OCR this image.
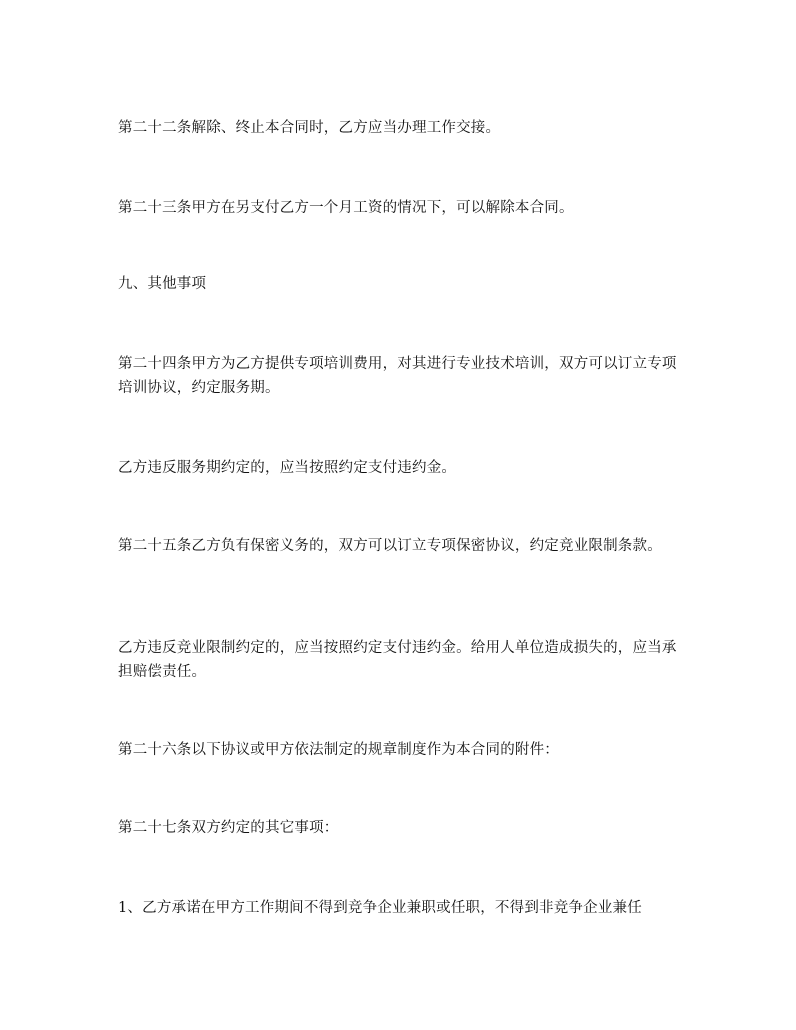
第二十二条解除、终止本合同时，乙方应当办理工作交接。

第二十三条甲方在另支付乙方一个月工资的情况下，可以解除本合同。

九、其他事项

第二十四条甲方为乙方提供专项培训费用，对其进行专业技术培训，双方可以订立专项培训协议，约定服务期。

乙方违反服务期约定的，应当按照约定支付违约金。

第二十五条乙方负有保密义务的，双方可以订立专项保密协议，约定竞业限制条款。

乙方违反竞业限制约定的，应当按照约定支付违约金。给用人单位造成损失的，应当承担赔偿责任。

第二十六条以下协议或甲方依法制定的规章制度作为本合同的附件：

第二十七条双方约定的其它事项：

1、乙方承诺在甲方工作期间不得到竞争企业兼职或任职，不得到非竞争企业兼任
